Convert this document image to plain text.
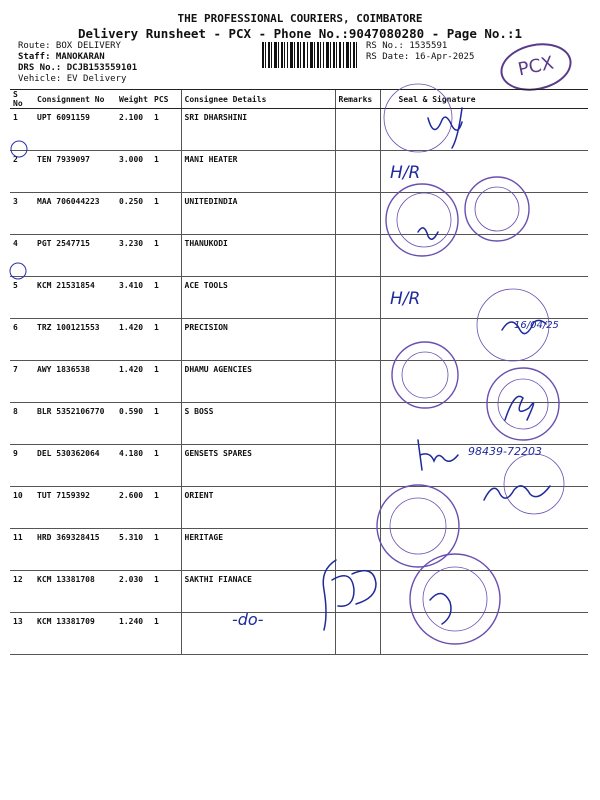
THE PROFESSIONAL COURIERS, COIMBATORE
Delivery Runsheet - PCX - Phone No.:9047080280 - Page No.:1
Route: BOX DELIVERY
Staff: MANOKARAN
DRS No.: DCJB153559101
Vehicle: EV Delivery
RS No.: 1535591
RS Date: 16-Apr-2025	PCX
S No	Consignment No	Weight	PCS	Consignee Details	Remarks	Seal & Signature
1	UPT 6091159	2.100	1	SRI DHARSHINI		
2	TEN 7939097	3.000	1	MANI HEATER		
3	MAA 706044223	0.250	1	UNITEDINDIA		
4	PGT 2547715	3.230	1	THANUKODI		
5	KCM 21531854	3.410	1	ACE TOOLS		
6	TRZ 100121553	1.420	1	PRECISION		
7	AWY 1836538	1.420	1	DHAMU AGENCIES		
8	BLR 5352106770	0.590	1	S BOSS		
9	DEL 530362064	4.180	1	GENSETS SPARES		
10	TUT 7159392	2.600	1	ORIENT		
11	HRD 369328415	5.310	1	HERITAGE		
12	KCM 13381708	2.030	1	SAKTHI FIANACE		
13	KCM 13381709	1.240	1			
H/R
H/R
98439-72203
-do-
16/04/25
